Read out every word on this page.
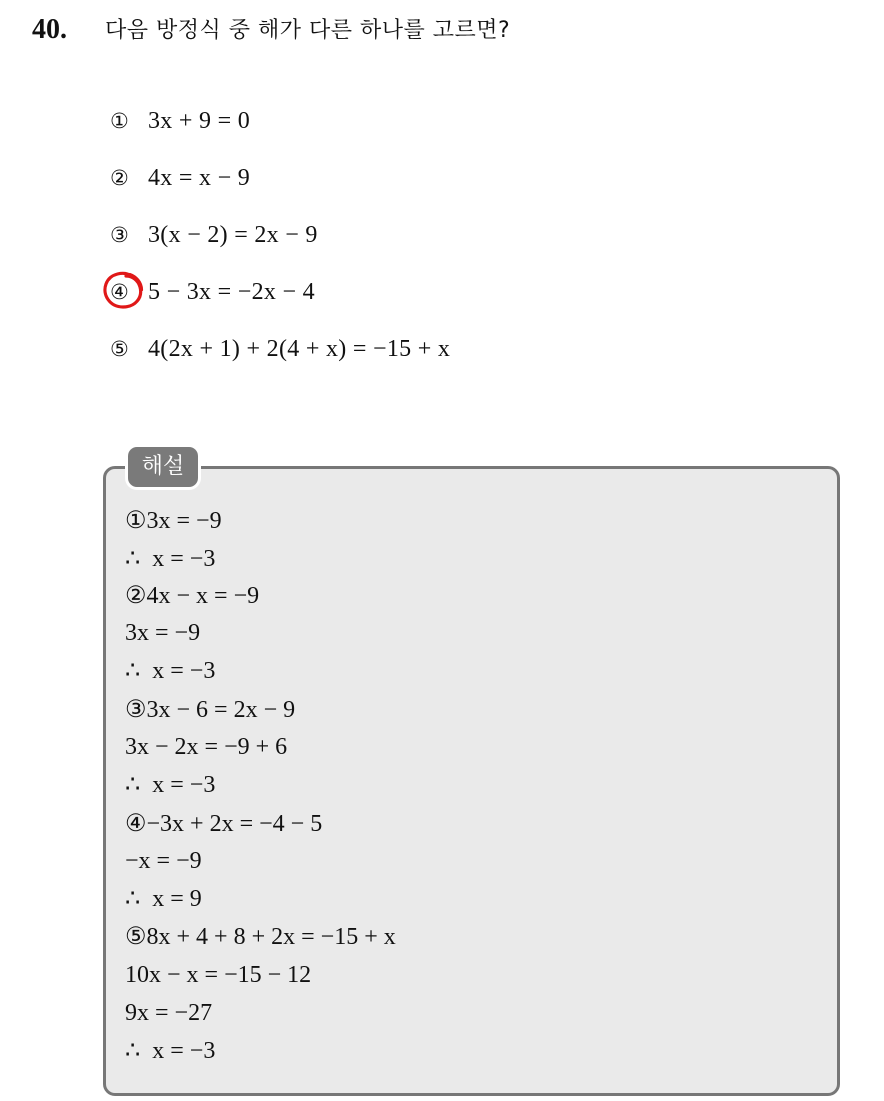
40. 다음 방정식 중 해가 다른 하나를 고르면?
① 3x + 9 = 0
② 4x = x − 9
③ 3(x − 2) = 2x − 9
④ 5 − 3x = −2x − 4
⑤ 4(2x + 1) + 2(4 + x) = −15 + x
해설
①3x = −9
∴  x = −3
②4x − x = −9
3x = −9
∴  x = −3
③3x − 6 = 2x − 9
3x − 2x = −9 + 6
∴  x = −3
④−3x + 2x = −4 − 5
−x = −9
∴  x = 9
⑤8x + 4 + 8 + 2x = −15 + x
10x − x = −15 − 12
9x = −27
∴  x = −3
